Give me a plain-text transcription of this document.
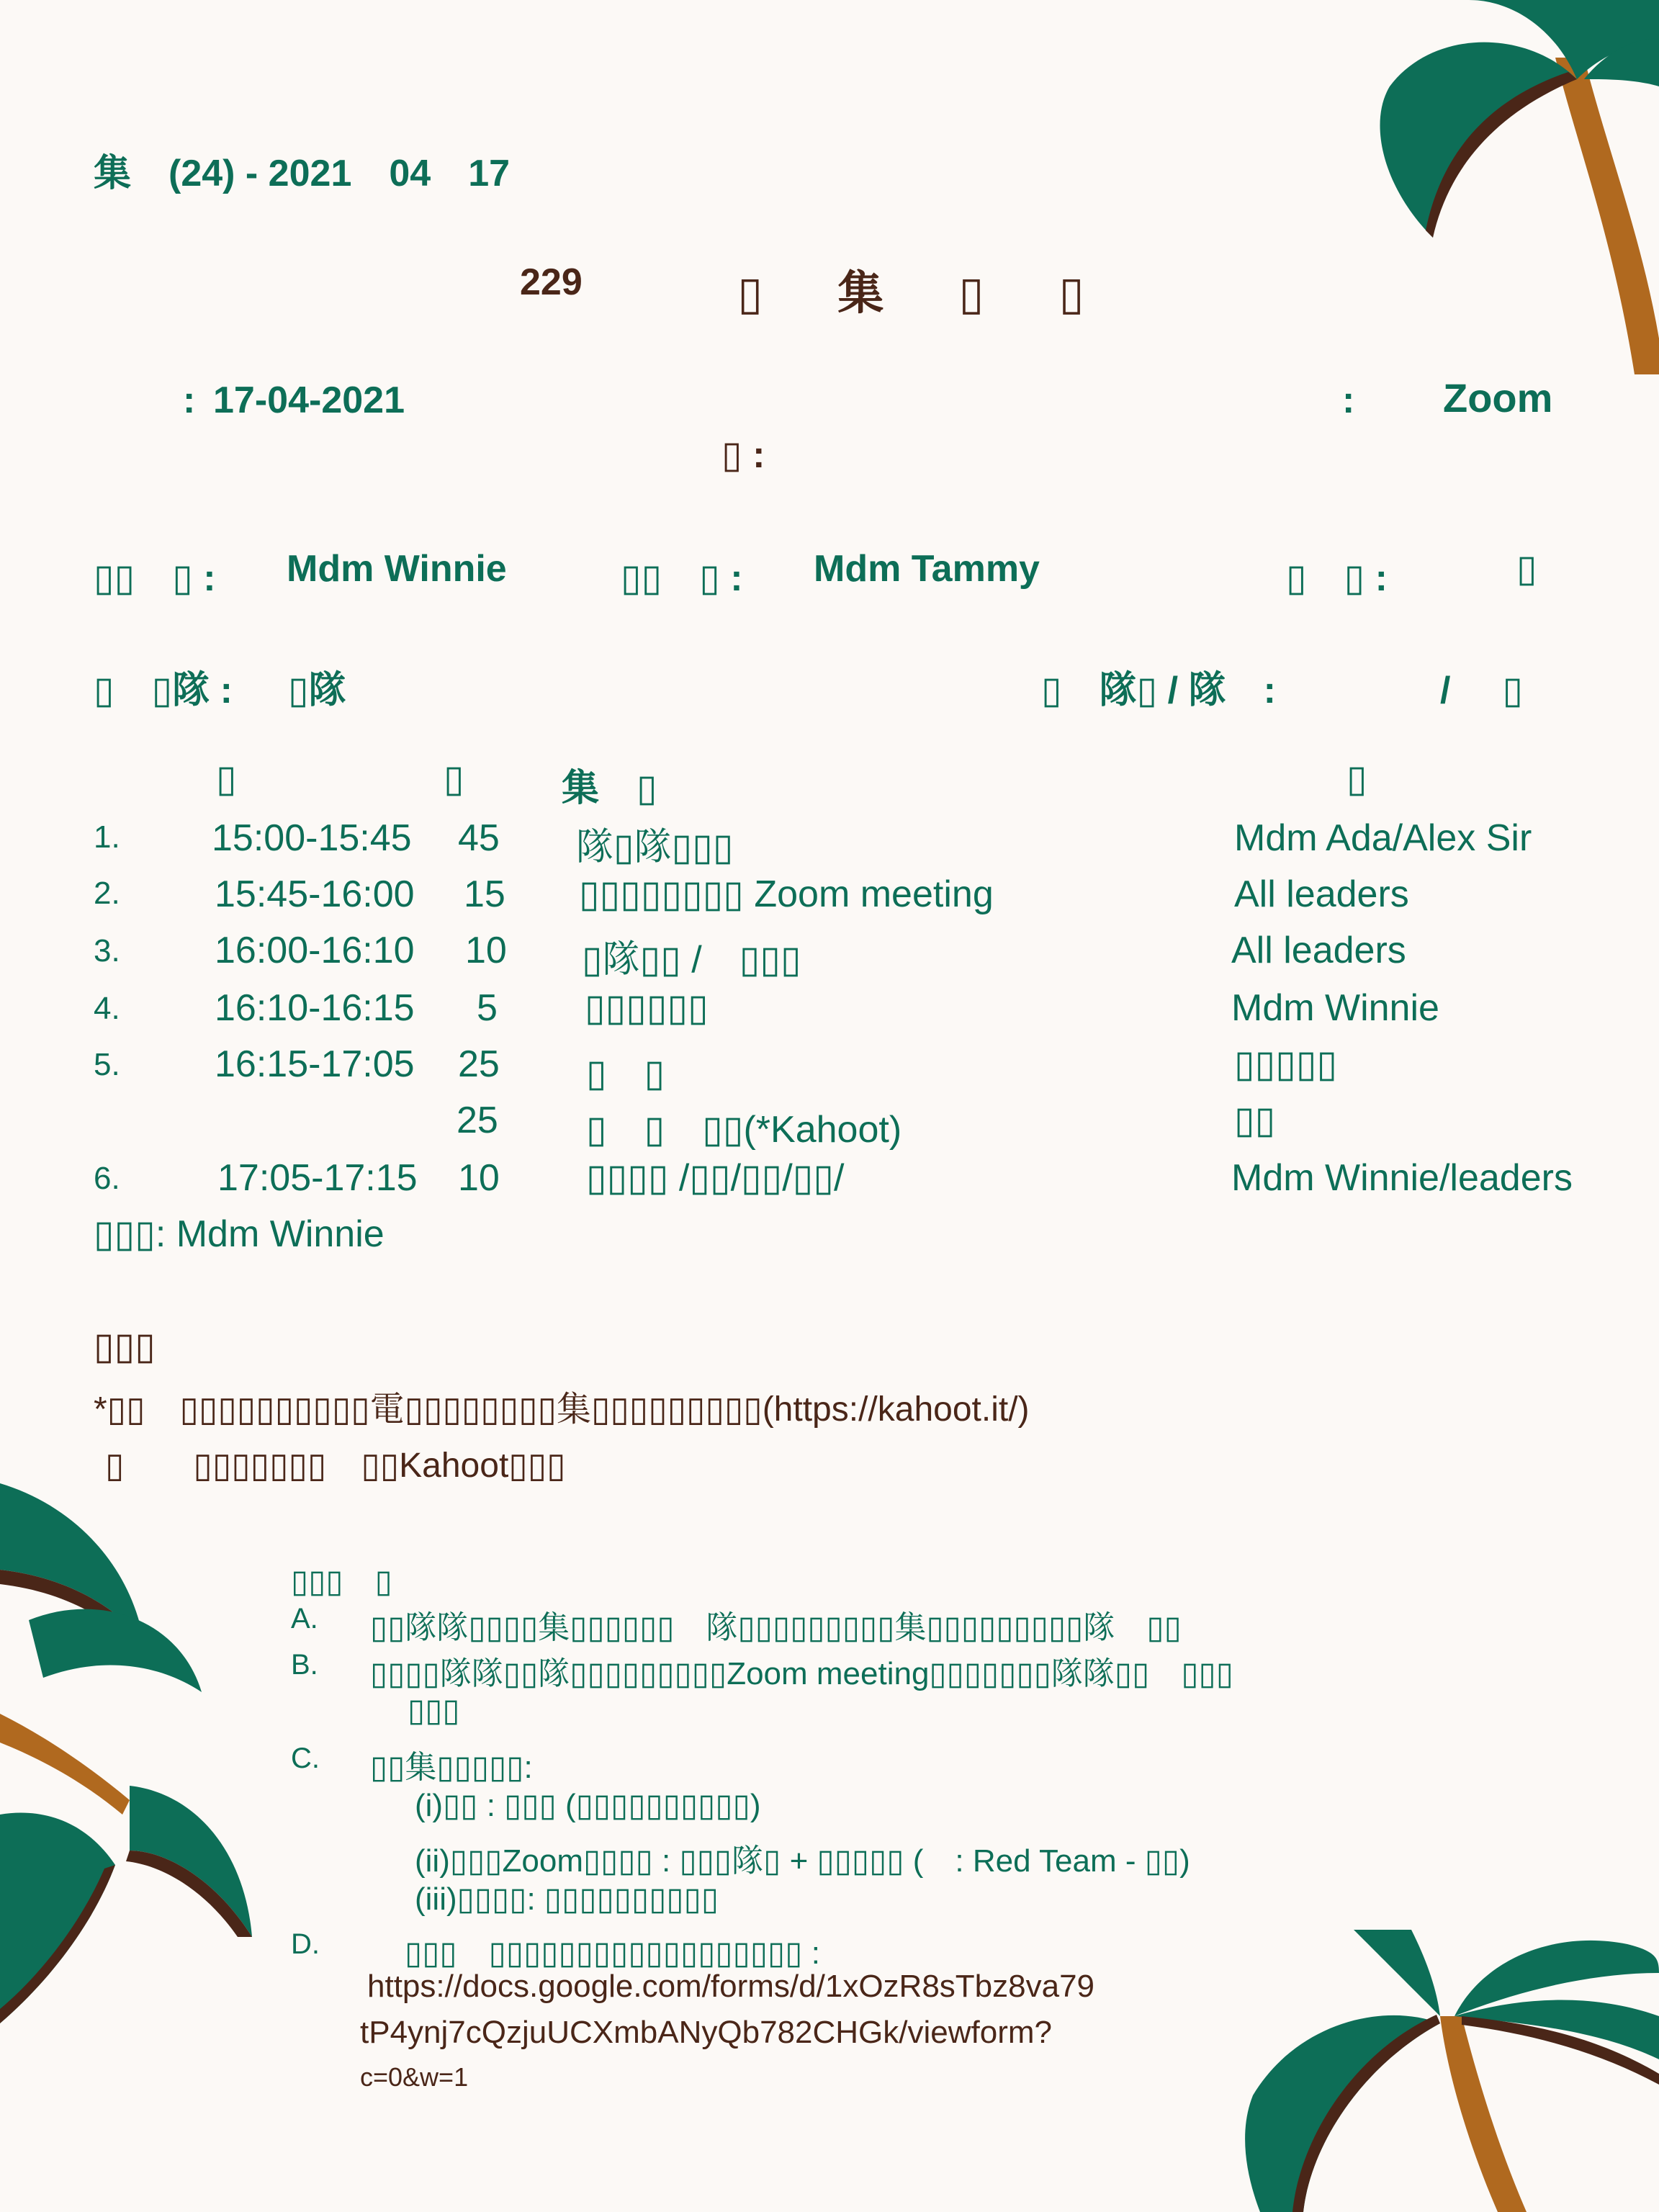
集　(24) - 2021　04　17
229	▯　集　▯　▯
: 17-04-2021	: Zoom
▯ :
▯▯　▯ : Mdm Winnie	▯▯　▯ : Mdm Tammy	▯　▯ :	▯
▯　▯隊 : ▯隊	▯　隊▯ / 隊　:	/　▯
▯	▯	集　▯	▯
1. 15:00-15:45 45 隊▯隊▯▯▯	Mdm Ada/Alex Sir
2.	15:45-16:00 15 ▯▯▯▯▯▯▯▯ Zoom meeting	All leaders
3.	16:00-16:10 10 ▯隊▯▯ /　▯▯▯	All leaders
4.	16:10-16:15 5 ▯▯▯▯▯▯	Mdm Winnie
5.	16:15-17:05 25 ▯　▯	▯▯▯▯▯
25 ▯　▯　▯▯(*Kahoot)	▯▯
6.	17:05-17:15 10 ▯▯▯▯ /▯▯/▯▯/▯▯/	Mdm Winnie/leaders
▯▯▯: Mdm Winnie
▯▯▯
*▯▯　▯▯▯▯▯▯▯▯▯▯電▯▯▯▯▯▯▯▯集▯▯▯▯▯▯▯▯▯(https://kahoot.it/)
▯　　▯▯▯▯▯▯▯　▯▯Kahoot▯▯▯
▯▯▯　▯
A. ▯▯隊隊▯▯▯▯集▯▯▯▯▯▯　隊▯▯▯▯▯▯▯▯▯集▯▯▯▯▯▯▯▯▯隊　▯▯
B. ▯▯▯▯隊隊▯▯隊▯▯▯▯▯▯▯▯▯Zoom meeting▯▯▯▯▯▯▯隊隊▯▯　▯▯▯
▯▯▯
C. ▯▯集▯▯▯▯▯:
(i)▯▯ : ▯▯▯ (▯▯▯▯▯▯▯▯▯▯)
(ii)▯▯▯Zoom▯▯▯▯ : ▯▯▯隊▯ + ▯▯▯▯▯ (　: Red Team - ▯▯)
(iii)▯▯▯▯: ▯▯▯▯▯▯▯▯▯▯
D.	▯▯▯　▯▯▯▯▯▯▯▯▯▯▯▯▯▯▯▯▯▯ :
https://docs.google.com/forms/d/1xOzR8sTbz8va79
tP4ynj7cQzjuUCXmbANyQb782CHGk/viewform?
c=0&w=1
